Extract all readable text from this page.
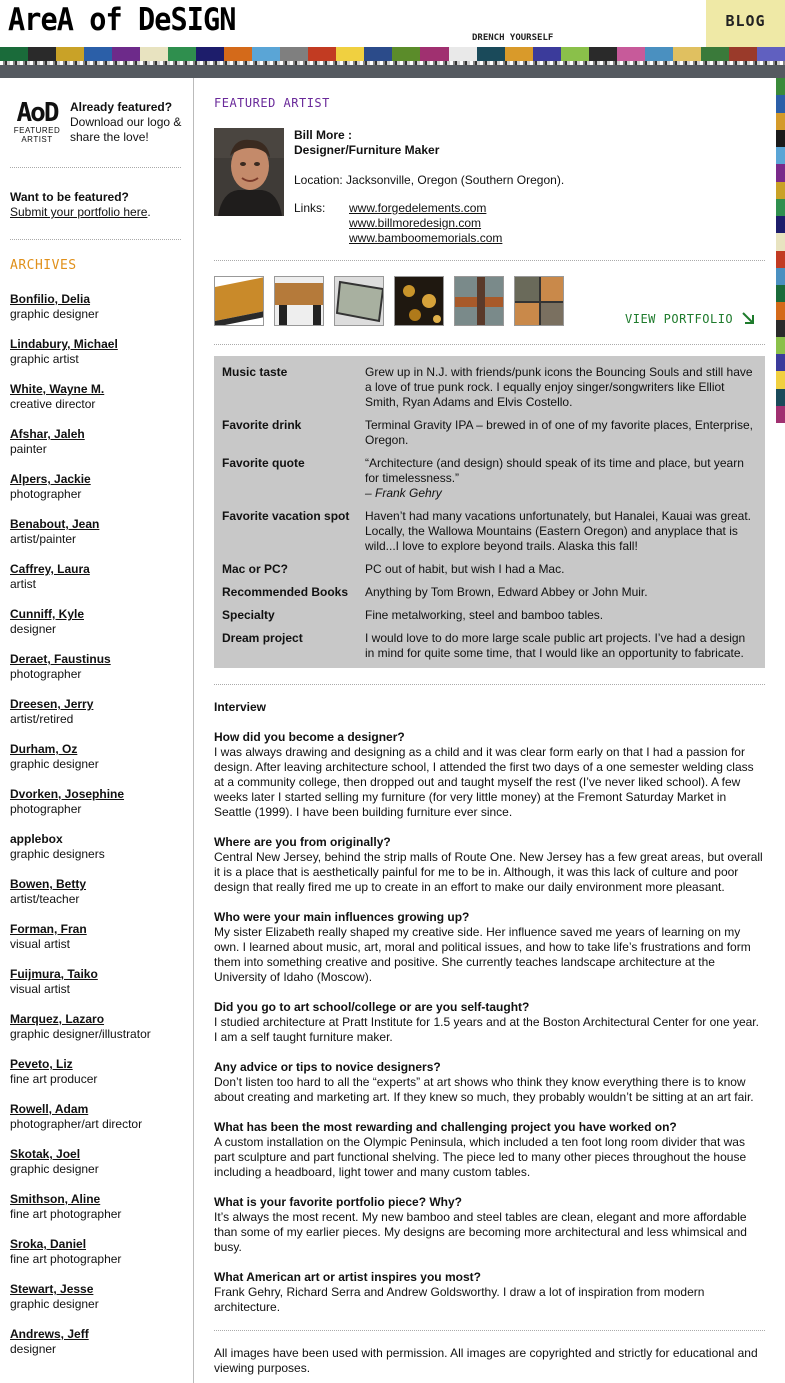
AreA of DeSIGN	DRENCH YOURSELF
BLOG
AoD
FEATURED
ARTIST
Already featured?
Download our logo & share the love!
Want to be featured?
Submit your portfolio here.
ARCHIVES
Bonfilio, Delia
graphic designer
Lindabury, Michael
graphic artist
White, Wayne M.
creative director
Afshar, Jaleh
painter
Alpers, Jackie
photographer
Benabout, Jean
artist/painter
Caffrey, Laura
artist
Cunniff, Kyle
designer
Deraet, Faustinus
photographer
Dreesen, Jerry
artist/retired
Durham, Oz
graphic designer
Dvorken, Josephine
photographer
applebox
graphic designers
Bowen, Betty
artist/teacher
Forman, Fran
visual artist
Fuijmura, Taiko
visual artist
Marquez, Lazaro
graphic designer/illustrator
Peveto, Liz
fine art producer
Rowell, Adam
photographer/art director
Skotak, Joel
graphic designer
Smithson, Aline
fine art photographer
Sroka, Daniel
fine art photographer
Stewart, Jesse
graphic designer
Andrews, Jeff
designer
FEATURED ARTIST
Bill More :
Designer/Furniture Maker
Location: Jacksonville, Oregon (Southern Oregon).
Links:	www.forgedelements.com
www.billmoredesign.com
www.bamboomemorials.com
VIEW PORTFOLIO
Music taste	Grew up in N.J. with friends/punk icons the Bouncing Souls and still have a love of true punk rock. I equally enjoy singer/songwriters like Elliot Smith, Ryan Adams and Elvis Costello.
Favorite drink	Terminal Gravity IPA – brewed in of one of my favorite places, Enterprise, Oregon.
Favorite quote	“Architecture (and design) should speak of its time and place, but yearn for timelessness.”
– Frank Gehry
Favorite vacation spot	Haven’t had many vacations unfortunately, but Hanalei, Kauai was great. Locally, the Wallowa Mountains (Eastern Oregon) and anyplace that is wild...I love to explore beyond trails. Alaska this fall!
Mac or PC?	PC out of habit, but wish I had a Mac.
Recommended Books	Anything by Tom Brown, Edward Abbey or John Muir.
Specialty	Fine metalworking, steel and bamboo tables.
Dream project	I would love to do more large scale public art projects. I’ve had a design in mind for quite some time, that I would like an opportunity to fabricate.
Interview
How did you become a designer?
I was always drawing and designing as a child and it was clear form early on that I had a passion for design. After leaving architecture school, I attended the first two days of a one semester welding class at a community college, then dropped out and taught myself the rest (I’ve never liked school). A few weeks later I started selling my furniture (for very little money) at the Fremont Saturday Market in Seattle (1999). I have been building furniture ever since.
Where are you from originally?
Central New Jersey, behind the strip malls of Route One. New Jersey has a few great areas, but overall it is a place that is aesthetically painful for me to be in. Although, it was this lack of culture and poor design that really fired me up to create in an effort to make our daily environment more pleasant.
Who were your main influences growing up?
My sister Elizabeth really shaped my creative side. Her influence saved me years of learning on my own. I learned about music, art, moral and political issues, and how to take life’s frustrations and form them into something creative and positive. She currently teaches landscape architecture at the University of Idaho (Moscow).
Did you go to art school/college or are you self-taught?
I studied architecture at Pratt Institute for 1.5 years and at the Boston Architectural Center for one year. I am a self taught furniture maker.
Any advice or tips to novice designers?
Don’t listen too hard to all the “experts” at art shows who think they know everything there is to know about creating and marketing art. If they knew so much, they probably wouldn’t be sitting at an art fair.
What has been the most rewarding and challenging project you have worked on?
A custom installation on the Olympic Peninsula, which included a ten foot long room divider that was part sculpture and part functional shelving. The piece led to many other pieces throughout the house including a headboard, light tower and many custom tables.
What is your favorite portfolio piece? Why?
It’s always the most recent. My new bamboo and steel tables are clean, elegant and more affordable than some of my earlier pieces. My designs are becoming more architectural and less whimsical and busy.
What American art or artist inspires you most?
Frank Gehry, Richard Serra and Andrew Goldsworthy. I draw a lot of inspiration from modern architecture.
All images have been used with permission. All images are copyrighted and strictly for educational and viewing purposes.
